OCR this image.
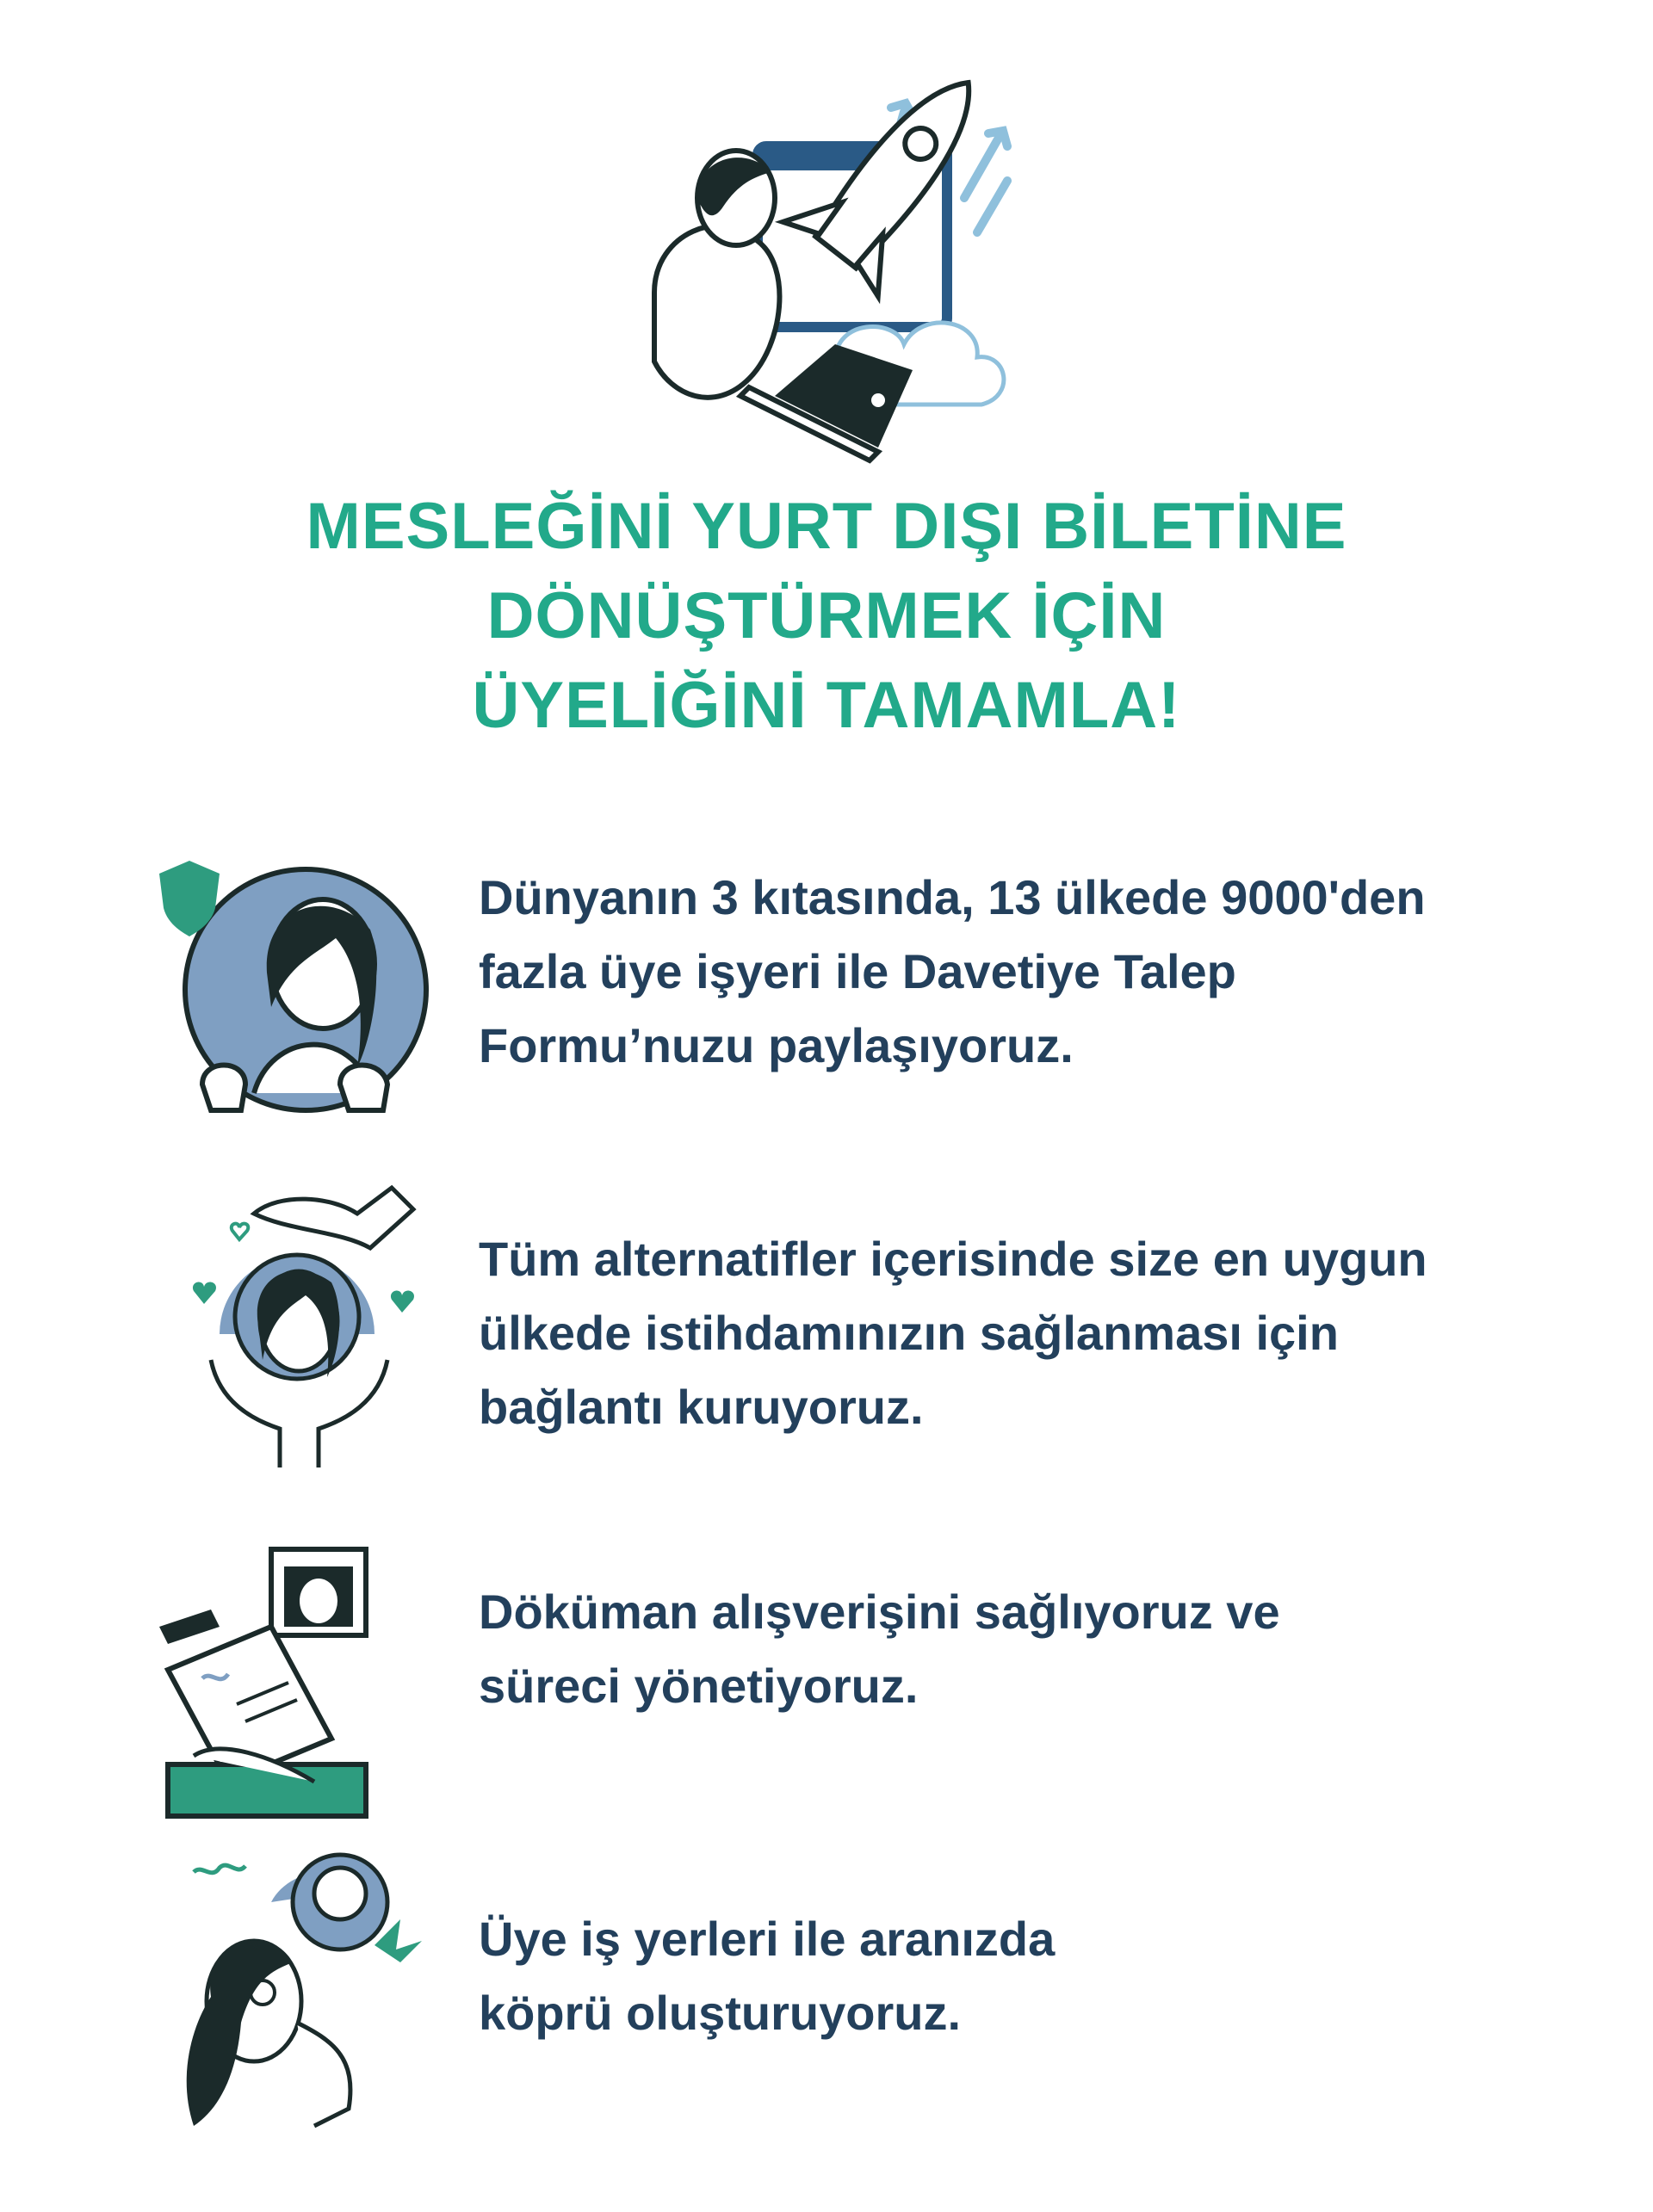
MESLEĞİNİ YURT DIŞI BİLETİNE
DÖNÜŞTÜRMEK İÇİN
ÜYELİĞİNİ TAMAMLA!
Dünyanın 3 kıtasında, 13 ülkede 9000'den
fazla üye işyeri ile Davetiye Talep
Formu’nuzu paylaşıyoruz.
Tüm alternatifler içerisinde size en uygun
ülkede istihdamınızın sağlanması için
bağlantı kuruyoruz.
Döküman alışverişini sağlıyoruz ve
süreci yönetiyoruz.
Üye iş yerleri ile aranızda
köprü oluşturuyoruz.
